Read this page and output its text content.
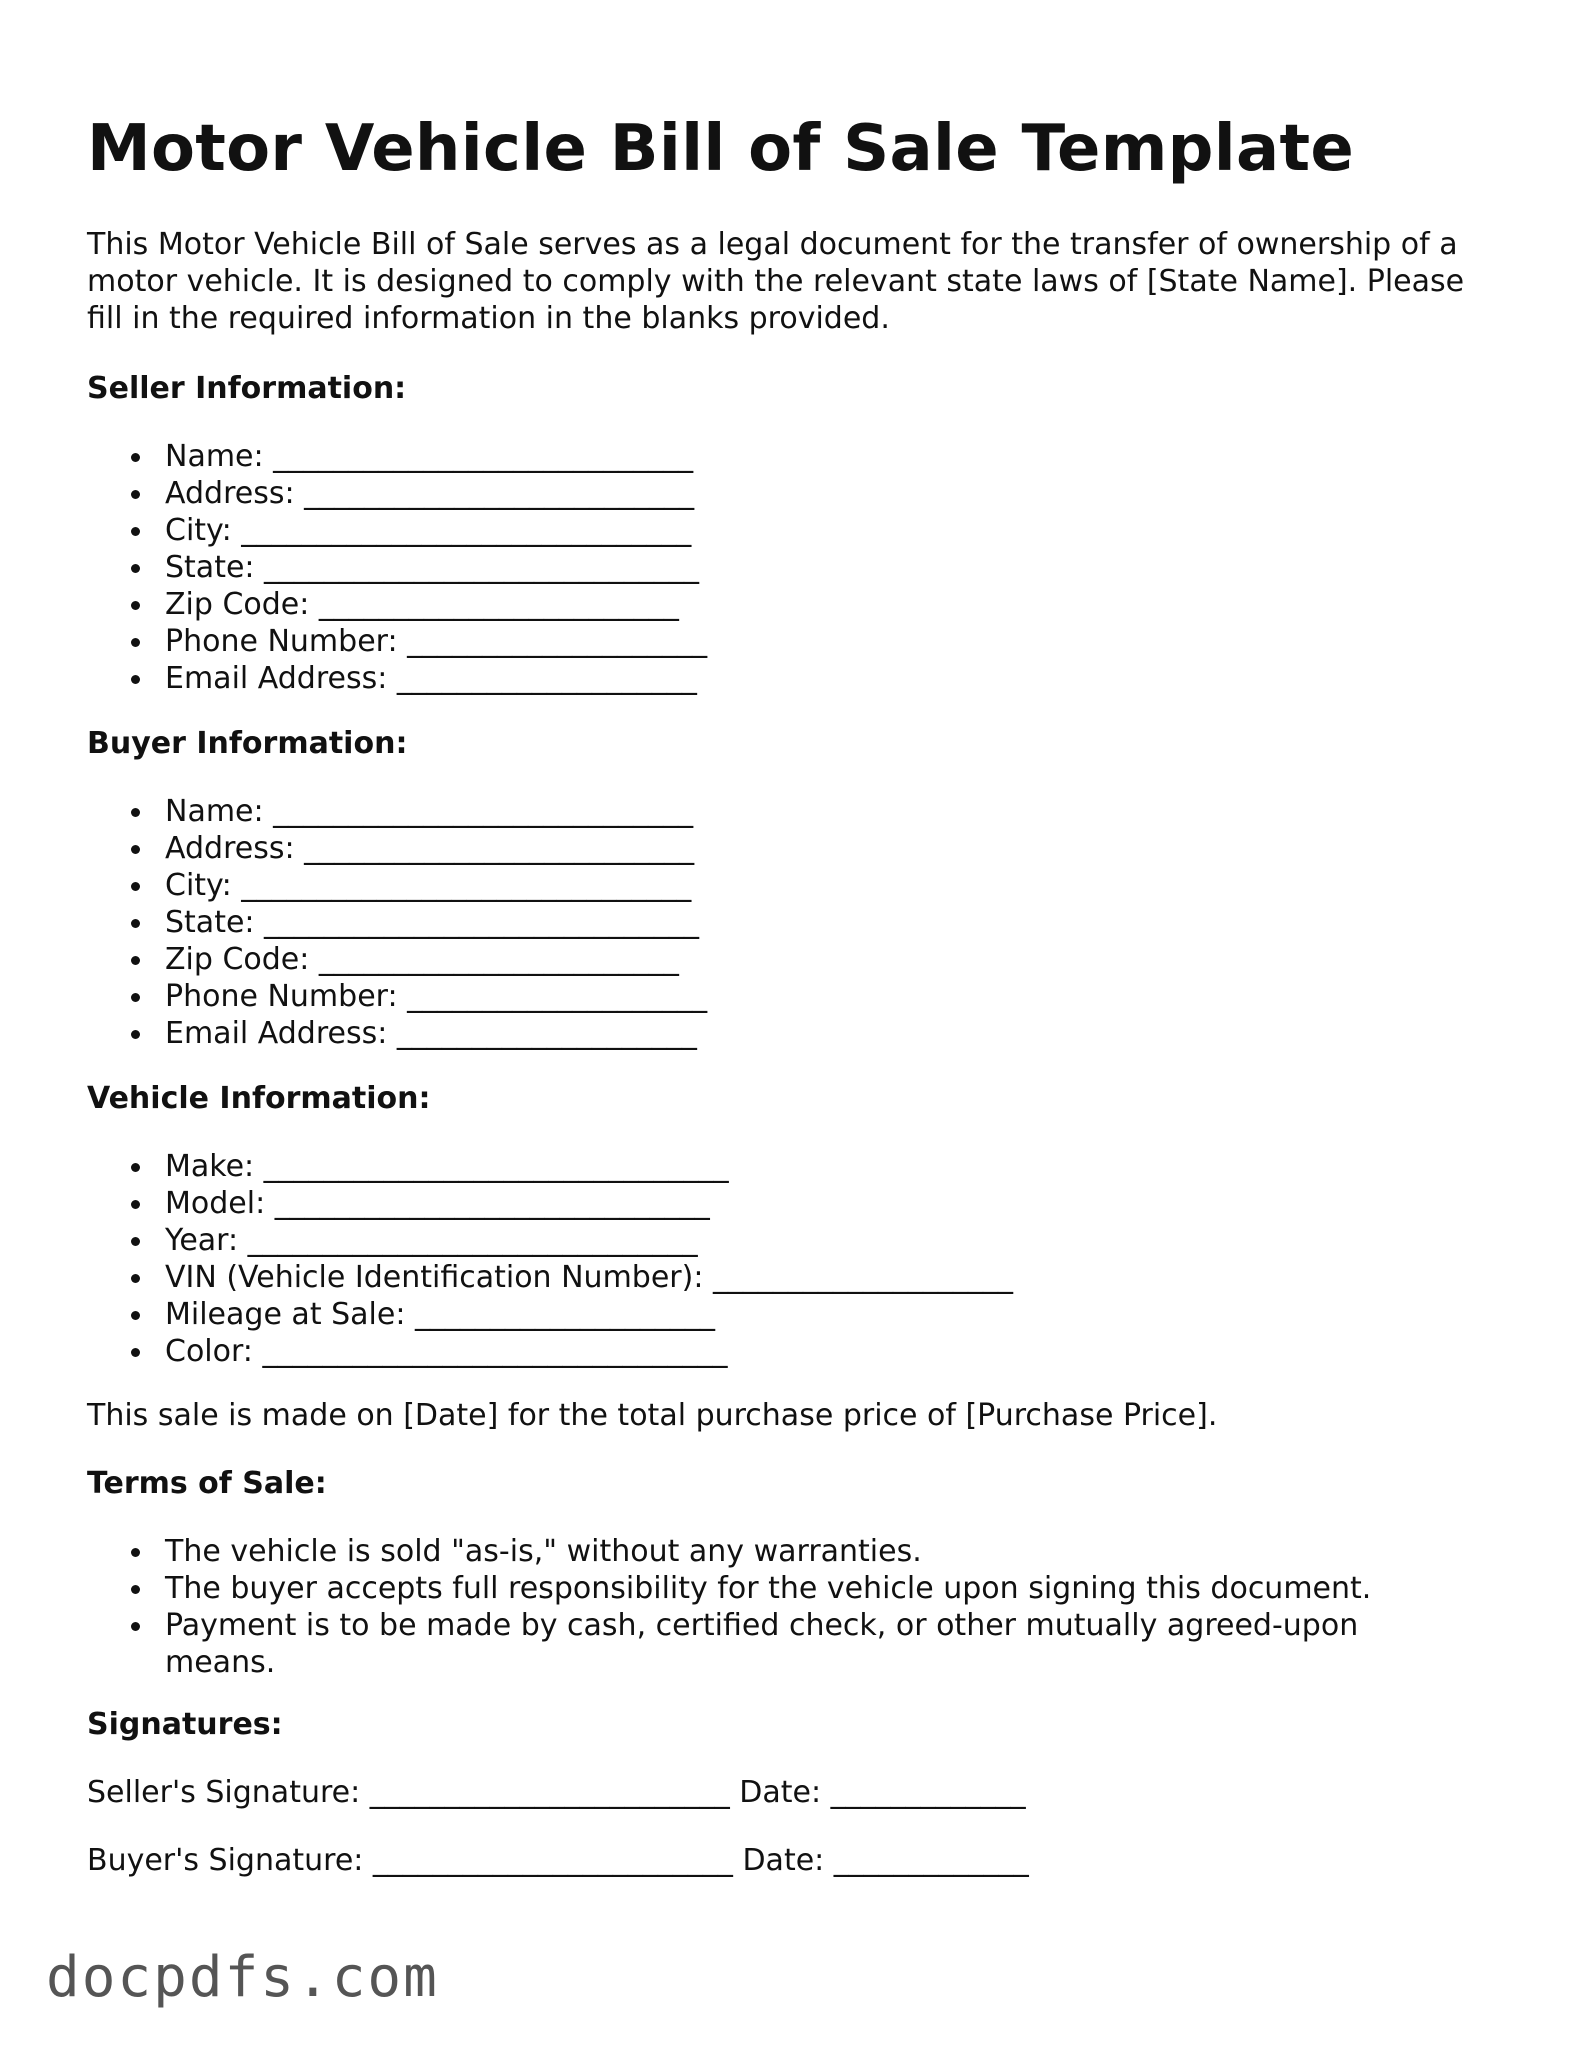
Motor Vehicle Bill of Sale Template

This Motor Vehicle Bill of Sale serves as a legal document for the transfer of ownership of a motor vehicle. It is designed to comply with the relevant state laws of [State Name]. Please fill in the required information in the blanks provided.

Seller Information:
Name: ____________________________
Address: __________________________
City: ______________________________
State: _____________________________
Zip Code: ________________________
Phone Number: ____________________
Email Address: ____________________
Buyer Information:
Name: ____________________________
Address: __________________________
City: ______________________________
State: _____________________________
Zip Code: ________________________
Phone Number: ____________________
Email Address: ____________________
Vehicle Information:
Make: _______________________________
Model: _____________________________
Year: ______________________________
VIN (Vehicle Identification Number): ____________________
Mileage at Sale: ____________________
Color: _______________________________

This sale is made on [Date] for the total purchase price of [Purchase Price].

Terms of Sale:
The vehicle is sold "as-is," without any warranties.
The buyer accepts full responsibility for the vehicle upon signing this document.
Payment is to be made by cash, certified check, or other mutually agreed-upon means.
Signatures:

Seller's Signature: ________________________ Date: _____________

Buyer's Signature: ________________________ Date: _____________

docpdfs.com
